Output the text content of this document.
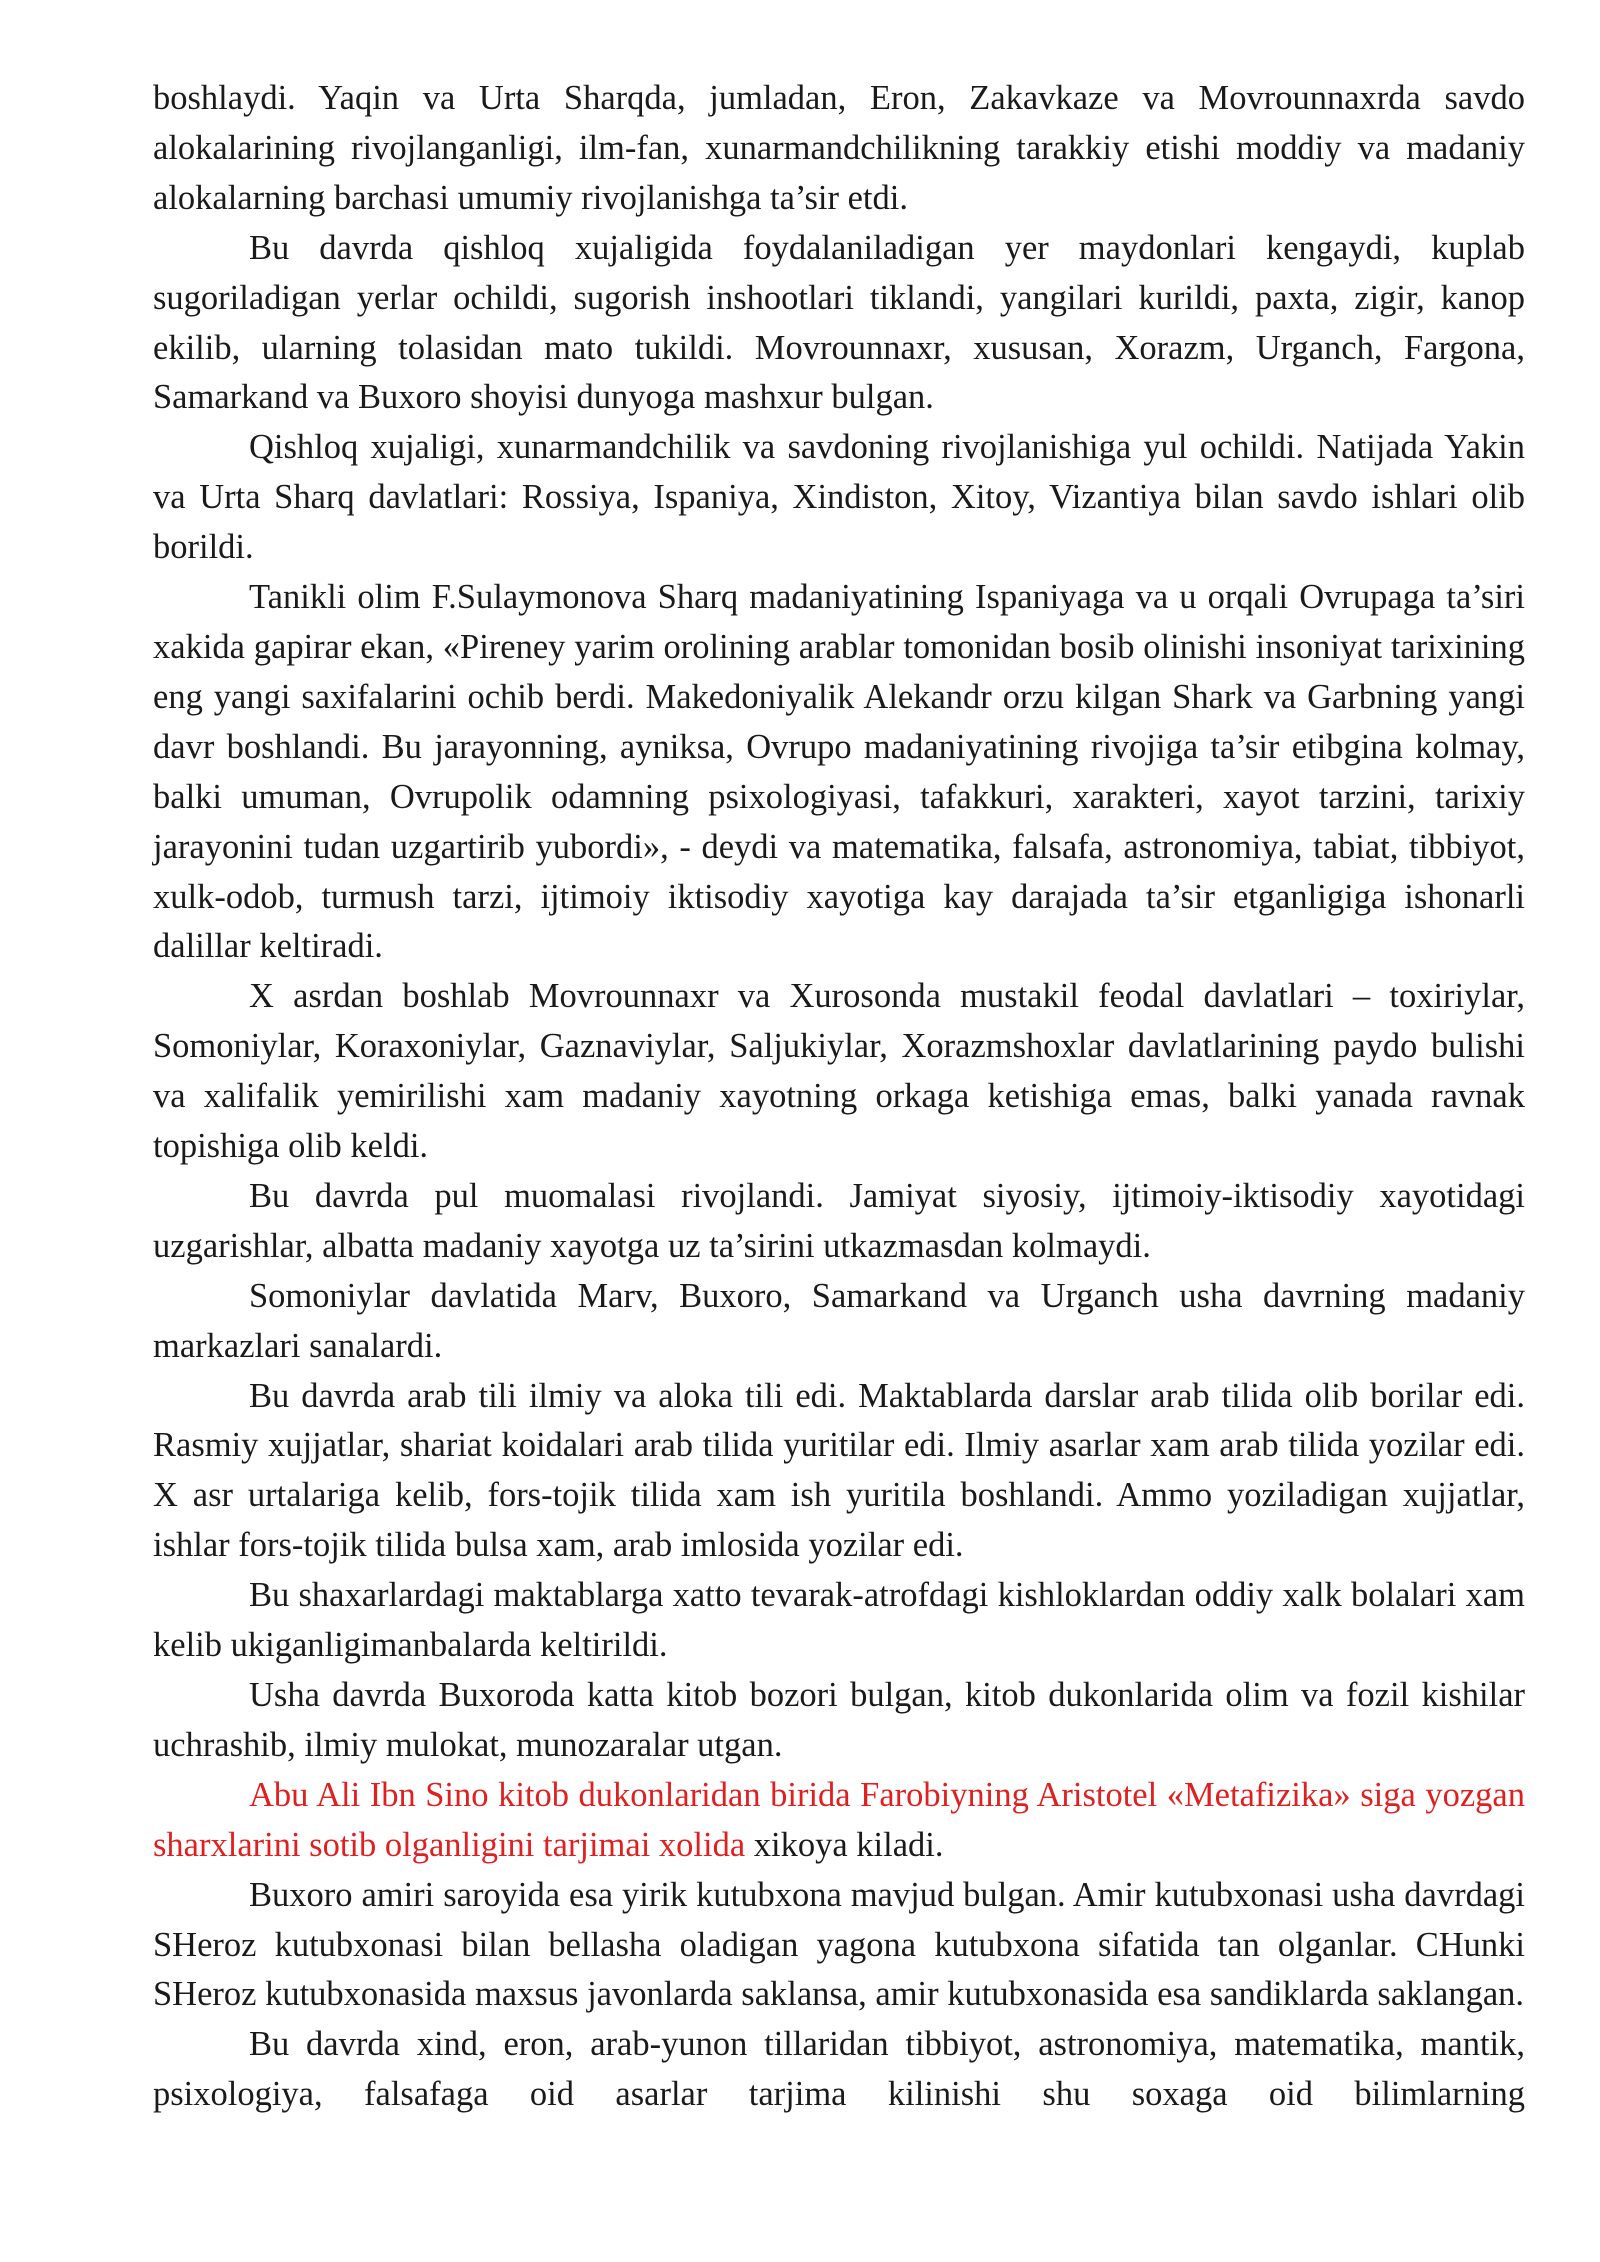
boshlaydi. Yaqin va Urta Sharqda, jumladan, Eron, Zakavkaze va Movrounnaxrda savdo alokalarining rivojlanganligi, ilm-fan, xunarmandchilikning tarakkiy etishi moddiy va madaniy alokalarning barchasi umumiy rivojlanishga ta’sir etdi.

Bu davrda qishloq xujaligida foydalaniladigan yer maydonlari kengaydi, kuplab sugoriladigan yerlar ochildi, sugorish inshootlari tiklandi, yangilari kurildi, paxta, zigir, kanop ekilib, ularning tolasidan mato tukildi. Movrounnaxr, xususan, Xorazm, Urganch, Fargona, Samarkand va Buxoro shoyisi dunyoga mashxur bulgan.

Qishloq xujaligi, xunarmandchilik va savdoning rivojlanishiga yul ochildi. Natijada Yakin va Urta Sharq davlatlari: Rossiya, Ispaniya, Xindiston, Xitoy, Vizantiya bilan savdo ishlari olib borildi.

Tanikli olim F.Sulaymonova Sharq madaniyatining Ispaniyaga va u orqali Ovrupaga ta’siri xakida gapirar ekan, «Pireney yarim orolining arablar tomonidan bosib olinishi insoniyat tarixining eng yangi saxifalarini ochib berdi. Makedoniyalik Alekandr orzu kilgan Shark va Garbning yangi davr boshlandi. Bu jarayonning, ayniksa, Ovrupo madaniyatining rivojiga ta’sir etibgina kolmay, balki umuman, Ovrupolik odamning psixologiyasi, tafakkuri, xarakteri, xayot tarzini, tarixiy jarayonini tudan uzgartirib yubordi», - deydi va matematika, falsafa, astronomiya, tabiat, tibbiyot, xulk-odob, turmush tarzi, ijtimoiy iktisodiy xayotiga kay darajada ta’sir etganligiga ishonarli dalillar keltiradi.

X asrdan boshlab Movrounnaxr va Xurosonda mustakil feodal davlatlari – toxiriylar, Somoniylar, Koraxoniylar, Gaznaviylar, Saljukiylar, Xorazmshoxlar davlatlarining paydo bulishi va xalifalik yemirilishi xam madaniy xayotning orkaga ketishiga emas, balki yanada ravnak topishiga olib keldi.

Bu davrda pul muomalasi rivojlandi. Jamiyat siyosiy, ijtimoiy-iktisodiy xayotidagi uzgarishlar, albatta madaniy xayotga uz ta’sirini utkazmasdan kolmaydi.

Somoniylar davlatida Marv, Buxoro, Samarkand va Urganch usha davrning madaniy markazlari sanalardi.

Bu davrda arab tili ilmiy va aloka tili edi. Maktablarda darslar arab tilida olib borilar edi. Rasmiy xujjatlar, shariat koidalari arab tilida yuritilar edi. Ilmiy asarlar xam arab tilida yozilar edi. X asr urtalariga kelib, fors-tojik tilida xam ish yuritila boshlandi. Ammo yoziladigan xujjatlar, ishlar fors-tojik tilida bulsa xam, arab imlosida yozilar edi.

Bu shaxarlardagi maktablarga xatto tevarak-atrofdagi kishloklardan oddiy xalk bolalari xam kelib ukiganligimanbalarda keltirildi.

Usha davrda Buxoroda katta kitob bozori bulgan, kitob dukonlarida olim va fozil kishilar uchrashib, ilmiy mulokat, munozaralar utgan.

Abu Ali Ibn Sino kitob dukonlaridan birida Farobiyning Aristotel «Metafizika» siga yozgan sharxlarini sotib olganligini tarjimai xolida xikoya kiladi.

Buxoro amiri saroyida esa yirik kutubxona mavjud bulgan. Amir kutubxonasi usha davrdagi SHeroz kutubxonasi bilan bellasha oladigan yagona kutubxona sifatida tan olganlar. CHunki SHeroz kutubxonasida maxsus javonlarda saklansa, amir kutubxonasida esa sandiklarda saklangan.

Bu davrda xind, eron, arab-yunon tillaridan tibbiyot, astronomiya, matematika, mantik, psixologiya, falsafaga oid asarlar tarjima kilinishi shu soxaga oid bilimlarning
